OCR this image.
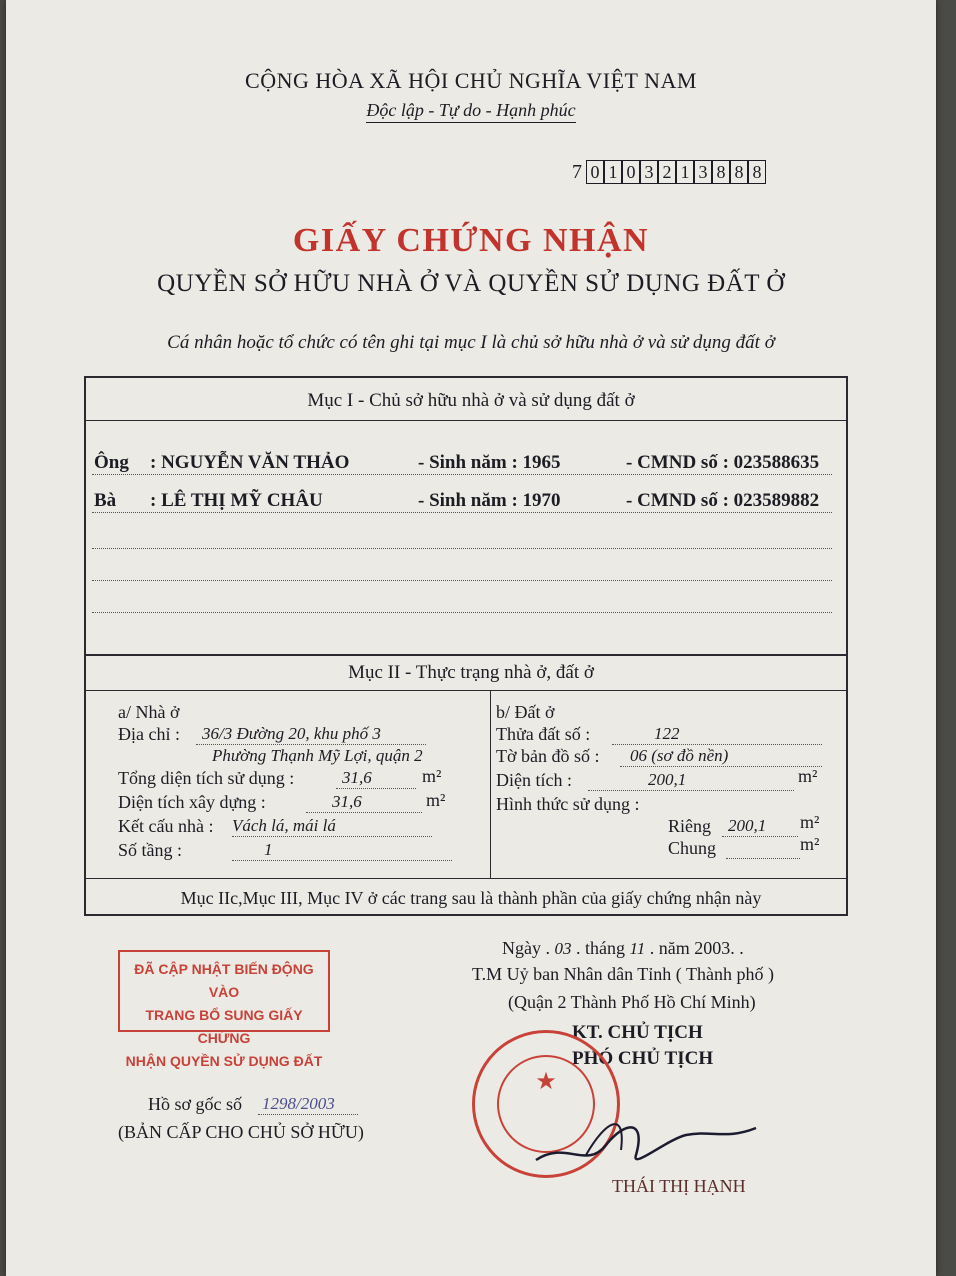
CỘNG HÒA XÃ HỘI CHỦ NGHĨA VIỆT NAM
Độc lập - Tự do - Hạnh phúc
7 0 1 0 3 2 1 3 8 8 8
GIẤY CHỨNG NHẬN
QUYỀN SỞ HỮU NHÀ Ở VÀ QUYỀN SỬ DỤNG ĐẤT Ở
Cá nhân hoặc tổ chức có tên ghi tại mục I là chủ sở hữu nhà ở và sử dụng đất ở
Mục I - Chủ sở hữu nhà ở và sử dụng đất ở
Ông : NGUYỄN VĂN THẢO	- Sinh năm : 1965	- CMND số : 023588635
Bà : LÊ THỊ MỸ CHÂU	- Sinh năm : 1970	- CMND số : 023589882
Mục II - Thực trạng nhà ở, đất ở
a/ Nhà ở
Địa chỉ : 36/3 Đường 20, khu phố 3
Phường Thạnh Mỹ Lợi, quận 2
Tổng diện tích sử dụng :	31,6	m²
Diện tích xây dựng :	31,6	m²
Kết cấu nhà : Vách lá, mái lá
Số tầng :	1
b/ Đất ở
Thửa đất số :	122
Tờ bản đồ số : 06 (sơ đồ nền)
Diện tích :	200,1	m²
Hình thức sử dụng :
Riêng 200,1 m²
Chung	m²
Mục IIc,Mục III, Mục IV ở các trang sau là thành phần của giấy chứng nhận này
ĐÃ CẬP NHẬT BIẾN ĐỘNG VÀO
TRANG BỔ SUNG GIẤY CHỨNG
NHẬN QUYỀN SỬ DỤNG ĐẤT
Ngày . 03 . tháng 11 . năm 2003. .
T.M Uỷ ban Nhân dân Tỉnh ( Thành phố )
(Quận 2 Thành Phố Hồ Chí Minh)
KT. CHỦ TỊCH
PHÓ CHỦ TỊCH
★
THÁI THỊ HẠNH
Hồ sơ gốc số 1298/2003
(BẢN CẤP CHO CHỦ SỞ HỮU)
